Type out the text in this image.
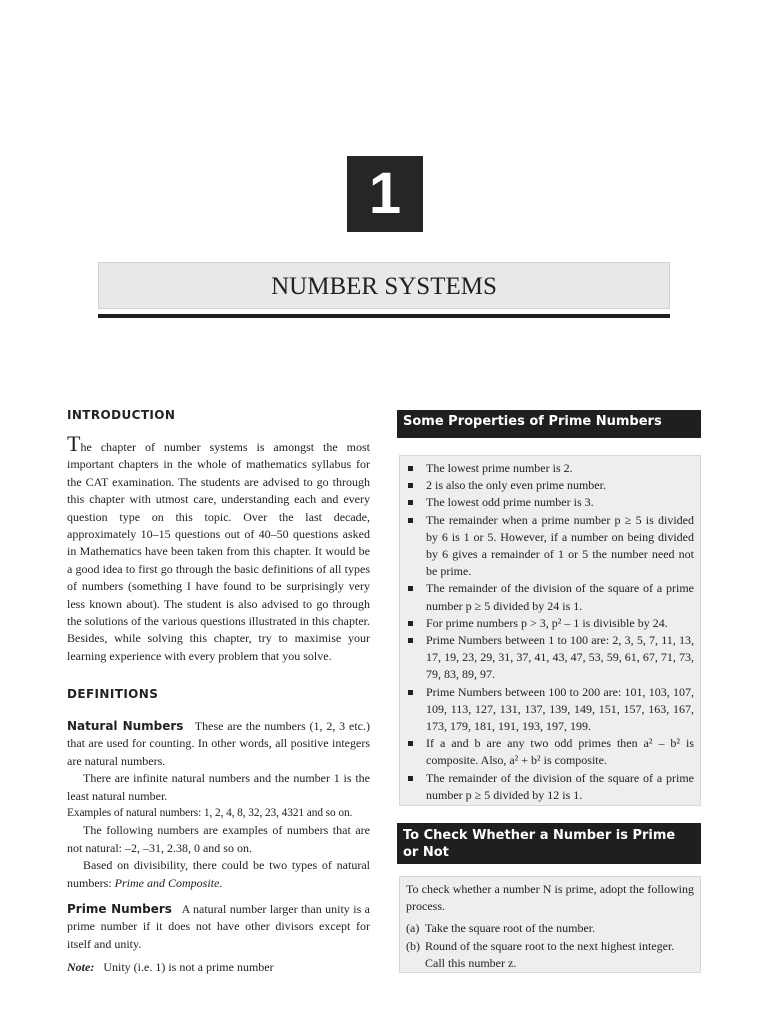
1
NUMBER SYSTEMS
INTRODUCTION

The chapter of number systems is amongst the most important chapters in the whole of mathematics syllabus for the CAT examination. The students are advised to go through this chapter with utmost care, understanding each and every question type on this topic. Over the last decade, approximately 10–15 questions out of 40–50 questions asked in Mathematics have been taken from this chapter. It would be a good idea to first go through the basic definitions of all types of numbers (something I have found to be surprisingly very less known about). The student is also advised to go through the solutions of the various questions illustrated in this chapter. Besides, while solving this chapter, try to maximise your learning experience with every problem that you solve.

DEFINITIONS

Natural Numbers These are the numbers (1, 2, 3 etc.) that are used for counting. In other words, all positive integers are natural numbers.

There are infinite natural numbers and the number 1 is the least natural number.

Examples of natural numbers: 1, 2, 4, 8, 32, 23, 4321 and so on.

The following numbers are examples of numbers that are not natural: –2, –31, 2.38, 0 and so on.

Based on divisibility, there could be two types of natural numbers: Prime and Composite.

Prime Numbers A natural number larger than unity is a prime number if it does not have other divisors except for itself and unity.

Note: Unity (i.e. 1) is not a prime number

Some Properties of Prime Numbers
The lowest prime number is 2.
2 is also the only even prime number.
The lowest odd prime number is 3.
The remainder when a prime number p ≥ 5 is divided by 6 is 1 or 5. However, if a number on being divided by 6 gives a remainder of 1 or 5 the number need not be prime.
The remainder of the division of the square of a prime number p ≥ 5 divided by 24 is 1.
For prime numbers p > 3, p² – 1 is divisible by 24.
Prime Numbers between 1 to 100 are: 2, 3, 5, 7, 11, 13, 17, 19, 23, 29, 31, 37, 41, 43, 47, 53, 59, 61, 67, 71, 73, 79, 83, 89, 97.
Prime Numbers between 100 to 200 are: 101, 103, 107, 109, 113, 127, 131, 137, 139, 149, 151, 157, 163, 167, 173, 179, 181, 191, 193, 197, 199.
If a and b are any two odd primes then a² – b² is composite. Also, a² + b² is composite.
The remainder of the division of the square of a prime number p ≥ 5 divided by 12 is 1.
To Check Whether a Number is Prime or Not

To check whether a number N is prime, adopt the following process.

(a) Take the square root of the number.
(b) Round of the square root to the next highest integer. Call this number z.
